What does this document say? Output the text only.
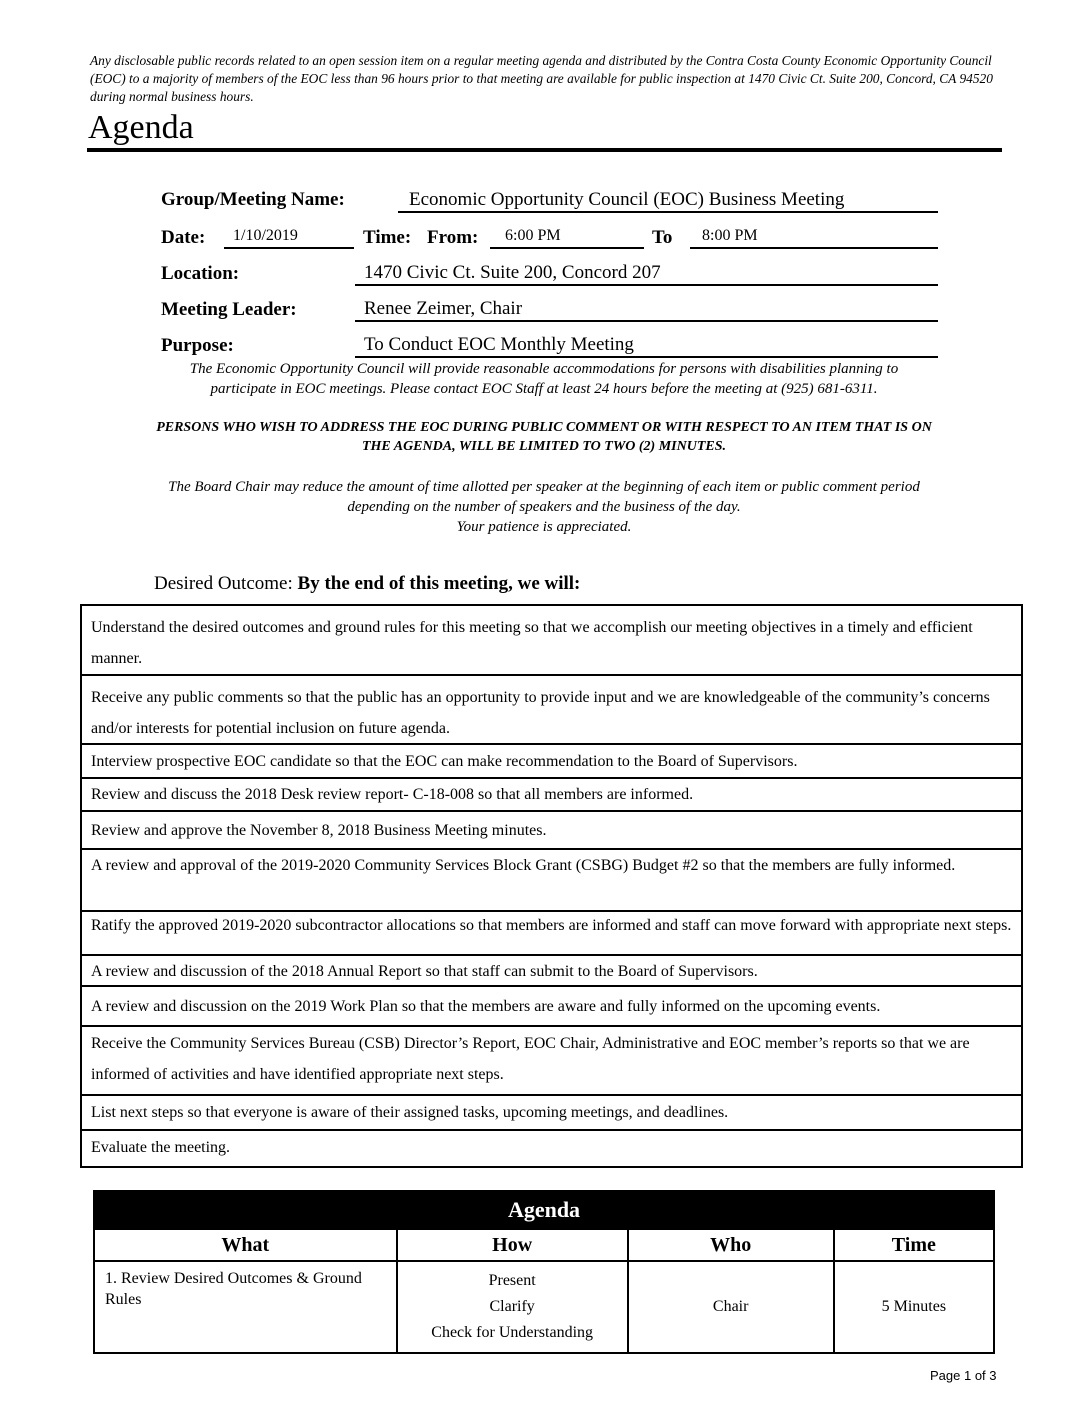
Any disclosable public records related to an open session item on a regular meeting agenda and distributed by the Contra Costa County Economic Opportunity Council (EOC) to a majority of members of the EOC less than 96 hours prior to that meeting are available for public inspection at 1470 Civic Ct. Suite 200, Concord, CA 94520 during normal business hours.
Agenda
Group/Meeting Name:	Economic Opportunity Council (EOC) Business Meeting
Date: 1/10/2019	Time: From: 6:00 PM	To 8:00 PM
Location:	1470 Civic Ct. Suite 200, Concord 207
Meeting Leader:	Renee Zeimer, Chair
Purpose:	To Conduct EOC Monthly Meeting
The Economic Opportunity Council will provide reasonable accommodations for persons with disabilities planning to
participate in EOC meetings. Please contact EOC Staff at least 24 hours before the meeting at (925) 681-6311.
PERSONS WHO WISH TO ADDRESS THE EOC DURING PUBLIC COMMENT OR WITH RESPECT TO AN ITEM THAT IS ON
THE AGENDA, WILL BE LIMITED TO TWO (2) MINUTES.
The Board Chair may reduce the amount of time allotted per speaker at the beginning of each item or public comment period
depending on the number of speakers and the business of the day.
Your patience is appreciated.
Desired Outcome: By the end of this meeting, we will:
Understand the desired outcomes and ground rules for this meeting so that we accomplish our meeting objectives in a timely and efficient manner.
Receive any public comments so that the public has an opportunity to provide input and we are knowledgeable of the community’s concerns and/or interests for potential inclusion on future agenda.
Interview prospective EOC candidate so that the EOC can make recommendation to the Board of Supervisors.
Review and discuss the 2018 Desk review report- C-18-008 so that all members are informed.
Review and approve the November 8, 2018 Business Meeting minutes.
A review and approval of the 2019-2020 Community Services Block Grant (CSBG) Budget #2 so that the members are fully informed.
Ratify the approved 2019-2020 subcontractor allocations so that members are informed and staff can move forward with appropriate next steps.
A review and discussion of the 2018 Annual Report so that staff can submit to the Board of Supervisors.
A review and discussion on the 2019 Work Plan so that the members are aware and fully informed on the upcoming events.
Receive the Community Services Bureau (CSB) Director’s Report, EOC Chair, Administrative and EOC member’s reports so that we are informed of activities and have identified appropriate next steps.
List next steps so that everyone is aware of their assigned tasks, upcoming meetings, and deadlines.
Evaluate the meeting.
Agenda			
What	How	Who	Time
1. Review Desired Outcomes & Ground Rules	Present
Clarify
Check for Understanding	Chair	5 Minutes
Page 1 of 3
